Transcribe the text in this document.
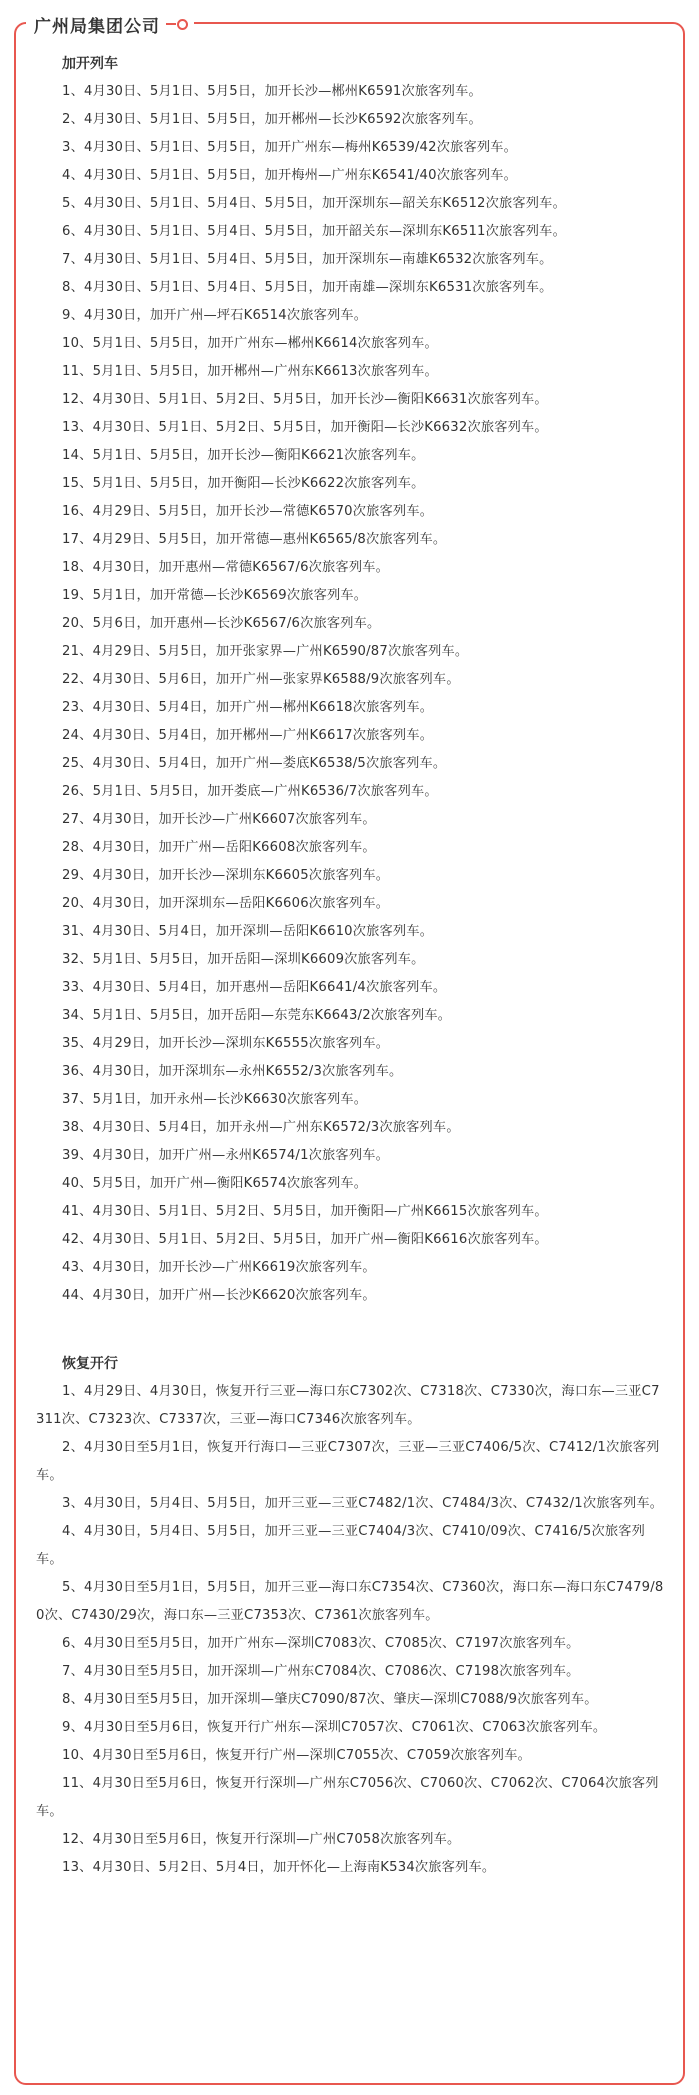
广州局集团公司
加开列车
1、4月30日、5月1日、5月5日，加开长沙—郴州K6591次旅客列车。
2、4月30日、5月1日、5月5日，加开郴州—长沙K6592次旅客列车。
3、4月30日、5月1日、5月5日，加开广州东—梅州K6539/42次旅客列车。
4、4月30日、5月1日、5月5日，加开梅州—广州东K6541/40次旅客列车。
5、4月30日、5月1日、5月4日、5月5日，加开深圳东—韶关东K6512次旅客列车。
6、4月30日、5月1日、5月4日、5月5日，加开韶关东—深圳东K6511次旅客列车。
7、4月30日、5月1日、5月4日、5月5日，加开深圳东—南雄K6532次旅客列车。
8、4月30日、5月1日、5月4日、5月5日，加开南雄—深圳东K6531次旅客列车。
9、4月30日，加开广州—坪石K6514次旅客列车。
10、5月1日、5月5日，加开广州东—郴州K6614次旅客列车。
11、5月1日、5月5日，加开郴州—广州东K6613次旅客列车。
12、4月30日、5月1日、5月2日、5月5日，加开长沙—衡阳K6631次旅客列车。
13、4月30日、5月1日、5月2日、5月5日，加开衡阳—长沙K6632次旅客列车。
14、5月1日、5月5日，加开长沙—衡阳K6621次旅客列车。
15、5月1日、5月5日，加开衡阳—长沙K6622次旅客列车。
16、4月29日、5月5日，加开长沙—常德K6570次旅客列车。
17、4月29日、5月5日，加开常德—惠州K6565/8次旅客列车。
18、4月30日，加开惠州—常德K6567/6次旅客列车。
19、5月1日，加开常德—长沙K6569次旅客列车。
20、5月6日，加开惠州—长沙K6567/6次旅客列车。
21、4月29日、5月5日，加开张家界—广州K6590/87次旅客列车。
22、4月30日、5月6日，加开广州—张家界K6588/9次旅客列车。
23、4月30日、5月4日，加开广州—郴州K6618次旅客列车。
24、4月30日、5月4日，加开郴州—广州K6617次旅客列车。
25、4月30日、5月4日，加开广州—娄底K6538/5次旅客列车。
26、5月1日、5月5日，加开娄底—广州K6536/7次旅客列车。
27、4月30日，加开长沙—广州K6607次旅客列车。
28、4月30日，加开广州—岳阳K6608次旅客列车。
29、4月30日，加开长沙—深圳东K6605次旅客列车。
20、4月30日，加开深圳东—岳阳K6606次旅客列车。
31、4月30日、5月4日，加开深圳—岳阳K6610次旅客列车。
32、5月1日、5月5日，加开岳阳—深圳K6609次旅客列车。
33、4月30日、5月4日，加开惠州—岳阳K6641/4次旅客列车。
34、5月1日、5月5日，加开岳阳—东莞东K6643/2次旅客列车。
35、4月29日，加开长沙—深圳东K6555次旅客列车。
36、4月30日，加开深圳东—永州K6552/3次旅客列车。
37、5月1日，加开永州—长沙K6630次旅客列车。
38、4月30日、5月4日，加开永州—广州东K6572/3次旅客列车。
39、4月30日，加开广州—永州K6574/1次旅客列车。
40、5月5日，加开广州—衡阳K6574次旅客列车。
41、4月30日、5月1日、5月2日、5月5日，加开衡阳—广州K6615次旅客列车。
42、4月30日、5月1日、5月2日、5月5日，加开广州—衡阳K6616次旅客列车。
43、4月30日，加开长沙—广州K6619次旅客列车。
44、4月30日，加开广州—长沙K6620次旅客列车。
恢复开行
1、4月29日、4月30日，恢复开行三亚—海口东C7302次、C7318次、C7330次，海口东—三亚C7311次、C7323次、C7337次，三亚—海口C7346次旅客列车。
2、4月30日至5月1日，恢复开行海口—三亚C7307次，三亚—三亚C7406/5次、C7412/1次旅客列车。
3、4月30日，5月4日、5月5日，加开三亚—三亚C7482/1次、C7484/3次、C7432/1次旅客列车。
4、4月30日，5月4日、5月5日，加开三亚—三亚C7404/3次、C7410/09次、C7416/5次旅客列车。
5、4月30日至5月1日，5月5日，加开三亚—海口东C7354次、C7360次，海口东—海口东C7479/80次、C7430/29次，海口东—三亚C7353次、C7361次旅客列车。
6、4月30日至5月5日，加开广州东—深圳C7083次、C7085次、C7197次旅客列车。
7、4月30日至5月5日，加开深圳—广州东C7084次、C7086次、C7198次旅客列车。
8、4月30日至5月5日，加开深圳—肇庆C7090/87次、肇庆—深圳C7088/9次旅客列车。
9、4月30日至5月6日，恢复开行广州东—深圳C7057次、C7061次、C7063次旅客列车。
10、4月30日至5月6日，恢复开行广州—深圳C7055次、C7059次旅客列车。
11、4月30日至5月6日，恢复开行深圳—广州东C7056次、C7060次、C7062次、C7064次旅客列车。
12、4月30日至5月6日，恢复开行深圳—广州C7058次旅客列车。
13、4月30日、5月2日、5月4日，加开怀化—上海南K534次旅客列车。
